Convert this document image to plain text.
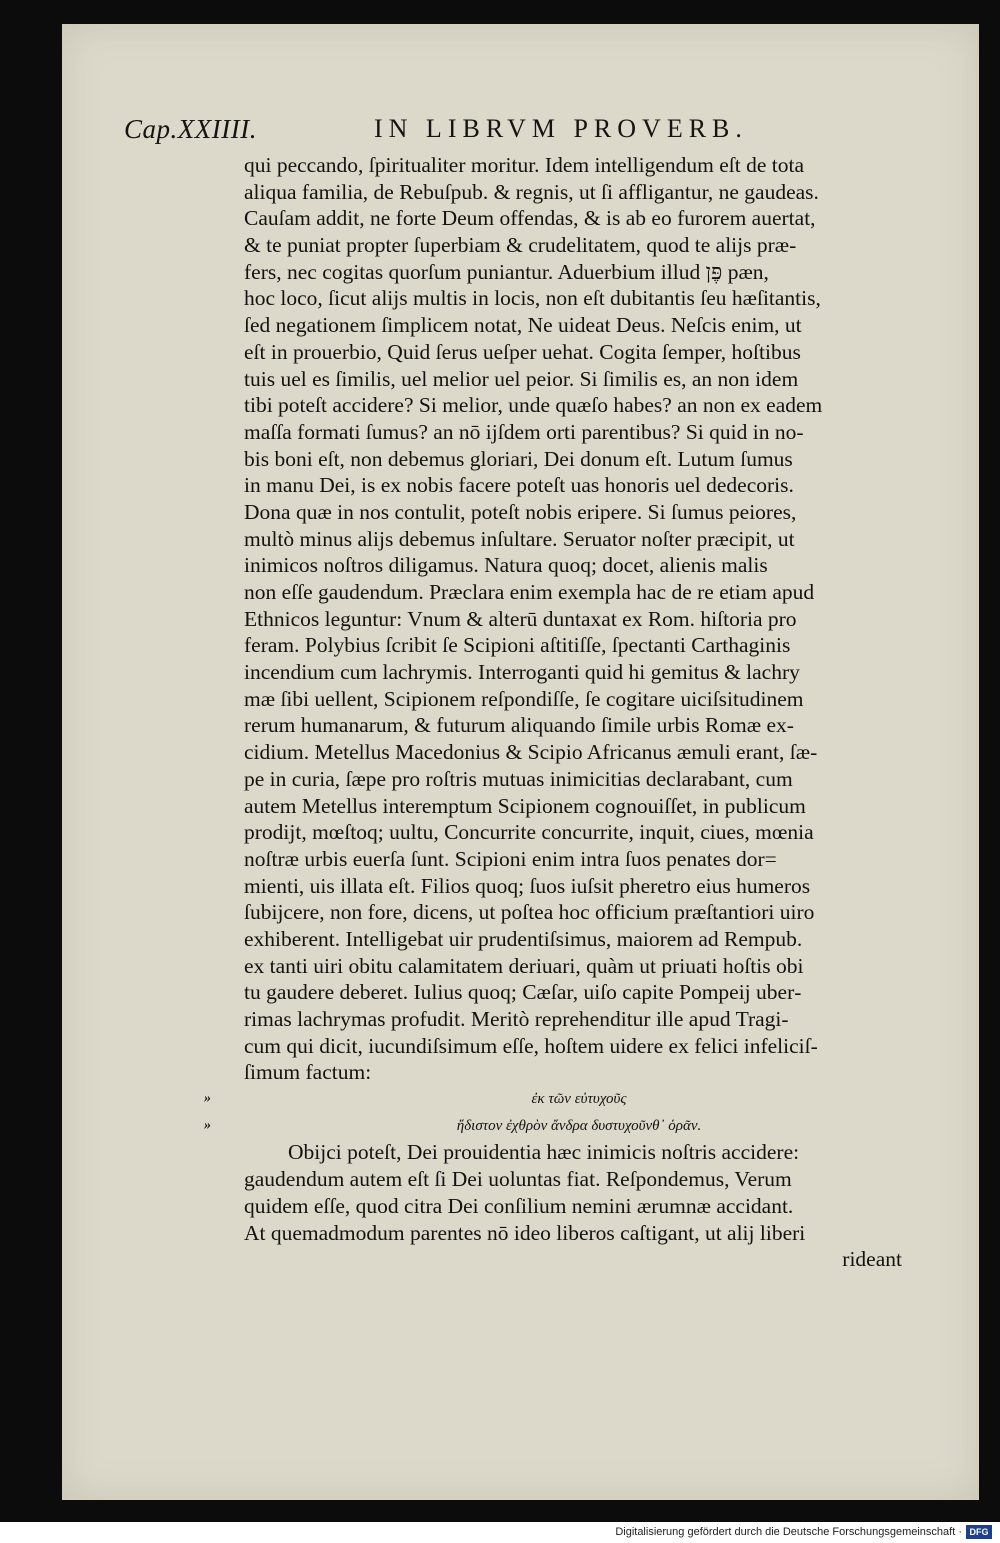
Cap.XXIIII.	IN LIBRVM PROVERB.
qui peccando, ſpiritualiter moritur. Idem intelligendum eſt de tota
aliqua familia, de Rebuſpub. & regnis, ut ſi affligantur, ne gaudeas.
Cauſam addit, ne forte Deum offendas, & is ab eo furorem auertat,
& te puniat propter ſuperbiam & crudelitatem, quod te alijs præ‑
fers, nec cogitas quorſum puniantur. Aduerbium illud פֶּן pæn,
hoc loco, ſicut alijs multis in locis, non eſt dubitantis ſeu hæſitantis,
ſed negationem ſimplicem notat, Ne uideat Deus. Neſcis enim, ut
eſt in prouerbio, Quid ſerus ueſper uehat. Cogita ſemper, hoſtibus
tuis uel es ſimilis, uel melior uel peior. Si ſimilis es, an non idem
tibi poteſt accidere? Si melior, unde quæſo habes? an non ex eadem
maſſa formati ſumus? an nō ijſdem orti parentibus? Si quid in no‑
bis boni eſt, non debemus gloriari, Dei donum eſt. Lutum ſumus
in manu Dei, is ex nobis facere poteſt uas honoris uel dedecoris.
Dona quæ in nos contulit, poteſt nobis eripere. Si ſumus peiores,
multò minus alijs debemus inſultare. Seruator noſter præcipit, ut
inimicos noſtros diligamus. Natura quoq; docet, alienis malis
non eſſe gaudendum. Præclara enim exempla hac de re etiam apud
Ethnicos leguntur: Vnum & alterū duntaxat ex Rom. hiſtoria pro
feram. Polybius ſcribit ſe Scipioni aſtitiſſe, ſpectanti Carthaginis
incendium cum lachrymis. Interroganti quid hi gemitus & lachry
mæ ſibi uellent, Scipionem reſpondiſſe, ſe cogitare uiciſsitudinem
rerum humanarum, & futurum aliquando ſimile urbis Romæ ex‑
cidium. Metellus Macedonius & Scipio Africanus æmuli erant, ſæ‑
pe in curia, ſæpe pro roſtris mutuas inimicitias declarabant, cum
autem Metellus interemptum Scipionem cognouiſſet, in publicum
prodijt, mœſtoq; uultu, Concurrite concurrite, inquit, ciues, mœnia
noſtræ urbis euerſa ſunt. Scipioni enim intra ſuos penates dor=
mienti, uis illata eſt. Filios quoq; ſuos iuſsit pheretro eius humeros
ſubijcere, non fore, dicens, ut poſtea hoc officium præſtantiori uiro
exhiberent. Intelligebat uir prudentiſsimus, maiorem ad Rempub.
ex tanti uiri obitu calamitatem deriuari, quàm ut priuati hoſtis obi
tu gaudere deberet. Iulius quoq; Cæſar, uiſo capite Pompeij uber‑
rimas lachrymas profudit. Meritò reprehenditur ille apud Tragi‑
cum qui dicit, iucundiſsimum eſſe, hoſtem uidere ex felici infeliciſ‑
ſimum factum:
»	ἐκ τῶν εὐτυχοῦς
»	ἥδιστον ἐχθρὸν ἄνδρα δυστυχοῦνθ᾽ ὁρᾶν.
Obijci poteſt, Dei prouidentia hæc inimicis noſtris accidere:
gaudendum autem eſt ſi Dei uoluntas fiat. Reſpondemus, Verum
quidem eſſe, quod citra Dei conſilium nemini ærumnæ accidant.
At quemadmodum parentes nō ideo liberos caſtigant, ut alij liberi
rideant
Digitalisierung gefördert durch die Deutsche Forschungsgemeinschaft · DFG
